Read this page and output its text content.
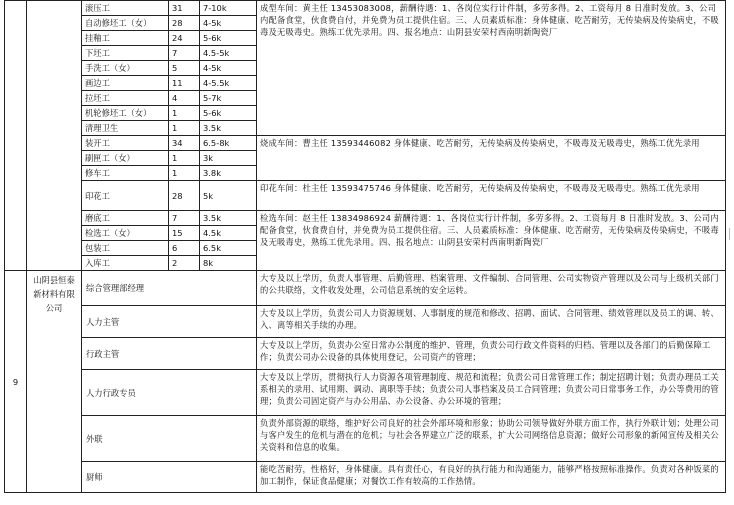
		滚压工	31	7-10k	成型车间：黄主任 13453083008，薪酬待遇：1、各岗位实行计件制，多劳多得。2、工资每月 8 日准时发放。3、公司内配备食堂，伙食费自付，并免费为员工提供住宿。三、人员素质标准：身体健康、吃苦耐劳，无传染病及传染病史，不吸毒及无吸毒史。熟练工优先录用。四、报名地点：山阴县安荣村西南明新陶瓷厂
		自动修坯工（女）	28	4-5k	
		挂釉工	24	5-6k	
		下坯工	7	4.5-5k	
		手洗工（女）	5	4-5k	
		画边工	11	4-5.5k	
		拉坯工	4	5-7k	
		机轮修坯工（女）	1	5-6k	
		清理卫生	1	3.5k	
		装开工	34	6.5-8k	烧成车间：曹主任 13593446082 身体健康、吃苦耐劳，无传染病及传染病史，不吸毒及无吸毒史，熟练工优先录用
		刷匣工（女）	1	3k	
		修车工	1	3.8k	
		印花工	28	5k	印花车间：杜主任 13593475746 身体健康、吃苦耐劳，无传染病及传染病史，不吸毒及无吸毒史。熟练工优先录用
		磨底工	7	3.5k	检选车间：赵主任 13834986924 薪酬待遇：1、各岗位实行计件制，多劳多得。2、工资每月 8 日准时发放。3、公司内配备食堂，伙食费自付，并免费为员工提供住宿。三、人员素质标准：身体健康、吃苦耐劳，无传染病及传染病史，不吸毒及无吸毒史，熟练工优先录用。四、报名地点：山阴县安荣村西南明新陶瓷厂
		检选工（女）	15	4.5k	
		包装工	6	6.5k	
		入库工	2	8k	
9	山阴县恒泰新材料有限公司	综合管理部经理			大专及以上学历，负责人事管理、后勤管理、档案管理、文件编制、合同管理、公司实物资产管理以及公司与上级机关部门的公共联络，文件收发处理，公司信息系统的安全运转。
		人力主管			大专及以上学历，负责公司人力资源规划、人事制度的规范和修改、招聘、面试、合同管理、绩效管理以及员工的调、转、入、离等相关手续的办理。
		行政主管			大专及以上学历，负责办公室日常办公制度的维护、管理，负责公司行政文件资料的归档、管理以及各部门的后勤保障工作；负责公司办公设备的具体使用登记，公司资产的管理；
		人力行政专员			大专及以上学历，贯彻执行人力资源各项管理制度、规范和流程；负责公司日常管理工作；制定招聘计划；负责办理员工关系相关的录用、试用期、调动、离职等手续；负责公司人事档案及员工合同管理；负责公司日常事务工作，办公等费用的管理；负责公司固定资产与办公用品、办公设备、办公环境的管理；
		外联			负责外部资源的联络，维护好公司良好的社会外部环境和形象；协助公司领导做好外联方面工作，执行外联计划；处理公司与客户发生的危机与潜在的危机；与社会各界建立广泛的联系，扩大公司网络信息资源；做好公司形象的新闻宣传及相关公关资料和信息的收集。
		厨师			能吃苦耐劳，性格好，身体健康。具有责任心，有良好的执行能力和沟通能力，能够严格按照标准操作。负责对各种饭菜的加工制作，保证食品健康；对餐饮工作有较高的工作热情。
